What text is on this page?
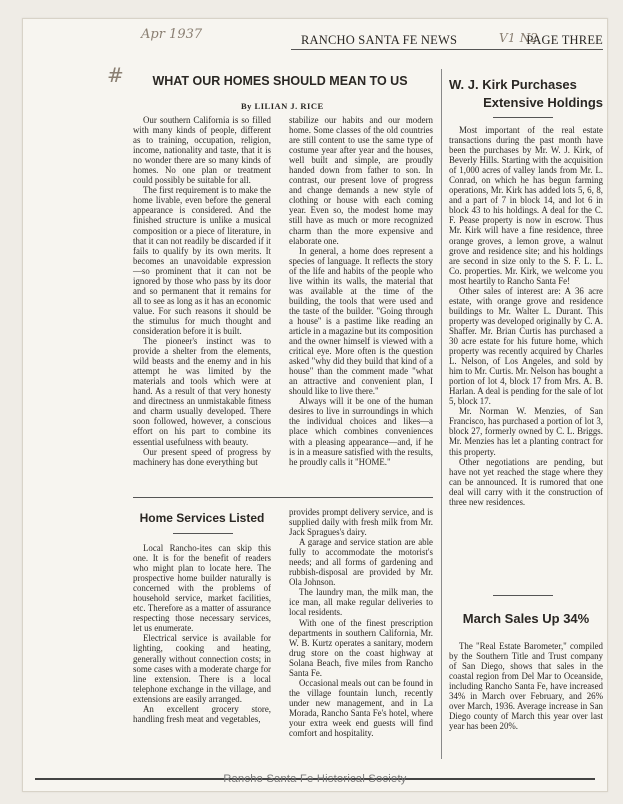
Apr 1937
#
RANCHO SANTA FE NEWS	V1 N2
PAGE THREE
WHAT OUR HOMES SHOULD MEAN TO US
By LILIAN J. RICE

Our southern California is so filled with many kinds of people, different as to training, occupation, religion, income, nationality and taste, that it is no wonder there are so many kinds of homes. No one plan or treatment could possibly be suitable for all.

The first requirement is to make the home livable, even before the general appearance is considered. And the finished structure is unlike a musical composition or a piece of literature, in that it can not readily be discarded if it fails to qualify by its own merits. It becomes an unavoidable expression —so prominent that it can not be ignored by those who pass by its door and so permanent that it remains for all to see as long as it has an economic value. For such reasons it should be the stimulus for much thought and consideration before it is built.

The pioneer's instinct was to provide a shelter from the elements, wild beasts and the enemy and in his attempt he was limited by the materials and tools which were at hand. As a result of that very honesty and directness an unmistakable fitness and charm usually developed. There soon followed, however, a conscious effort on his part to combine its essential usefulness with beauty.

Our present speed of progress by machinery has done everything but

stabilize our habits and our modern home. Some classes of the old countries are still content to use the same type of costume year after year and the houses, well built and simple, are proudly handed down from father to son. In contrast, our present love of progress and change demands a new style of clothing or house with each coming year. Even so, the modest home may still have as much or more recognized charm than the more expensive and elaborate one.

In general, a home does represent a species of language. It reflects the story of the life and habits of the people who live within its walls, the material that was available at the time of the building, the tools that were used and the taste of the builder. "Going through a house" is a pastime like reading an article in a magazine but its composition and the owner himself is viewed with a critical eye. More often is the question asked "why did they build that kind of a house" than the comment made "what an attractive and convenient plan, I should like to live there."

Always will it be one of the human desires to live in surroundings in which the individual choices and likes—a place which combines conveniences with a pleasing appearance—and, if he is in a measure satisfied with the results, he proudly calls it "HOME."

Home Services Listed

Local Rancho-ites can skip this one. It is for the benefit of readers who might plan to locate here. The prospective home builder naturally is concerned with the problems of household service, market facilities, etc. Therefore as a matter of assurance respecting those necessary services, let us enumerate.

Electrical service is available for lighting, cooking and heating, generally without connection costs; in some cases with a moderate charge for line extension. There is a local telephone exchange in the village, and extensions are easily arranged.

An excellent grocery store, handling fresh meat and vegetables,

provides prompt delivery service, and is supplied daily with fresh milk from Mr. Jack Spragues's dairy.

A garage and service station are able fully to accommodate the motorist's needs; and all forms of gardening and rubbish-disposal are provided by Mr. Ola Johnson.

The laundry man, the milk man, the ice man, all make regular deliveries to local residents.

With one of the finest prescription departments in southern California, Mr. W. B. Kurtz operates a sanitary, modern drug store on the coast highway at Solana Beach, five miles from Rancho Santa Fe.

Occasional meals out can be found in the village fountain lunch, recently under new management, and in La Morada, Rancho Santa Fe's hotel, where your extra week end guests will find comfort and hospitality.

W. J. Kirk Purchases
Extensive Holdings

Most important of the real estate transactions during the past month have been the purchases by Mr. W. J. Kirk, of Beverly Hills. Starting with the acquisition of 1,000 acres of valley lands from Mr. L. Conrad, on which he has begun farming operations, Mr. Kirk has added lots 5, 6, 8, and a part of 7 in block 14, and lot 6 in block 43 to his holdings. A deal for the C. F. Pease property is now in escrow. Thus Mr. Kirk will have a fine residence, three orange groves, a lemon grove, a walnut grove and residence site; and his holdings are second in size only to the S. F. L. L. Co. properties. Mr. Kirk, we welcome you most heartily to Rancho Santa Fe!

Other sales of interest are: A 36 acre estate, with orange grove and residence buildings to Mr. Walter L. Durant. This property was developed originally by C. A. Shaffer. Mr. Brian Curtis has purchased a 30 acre estate for his future home, which property was recently acquired by Charles L. Nelson, of Los Angeles, and sold by him to Mr. Curtis. Mr. Nelson has bought a portion of lot 4, block 17 from Mrs. A. B. Harlan. A deal is pending for the sale of lot 5, block 17.

Mr. Norman W. Menzies, of San Francisco, has purchased a portion of lot 3, block 27, formerly owned by C. L. Briggs. Mr. Menzies has let a planting contract for this property.

Other negotiations are pending, but have not yet reached the stage where they can be announced. It is rumored that one deal will carry with it the construction of three new residences.

March Sales Up 34%

The "Real Estate Barometer," compiled by the Southern Title and Trust company of San Diego, shows that sales in the coastal region from Del Mar to Oceanside, including Rancho Santa Fe, have increased 34% in March over February, and 26% over March, 1936. Average increase in San Diego county of March this year over last year has been 20%.

Rancho Santa Fe Historical Society
